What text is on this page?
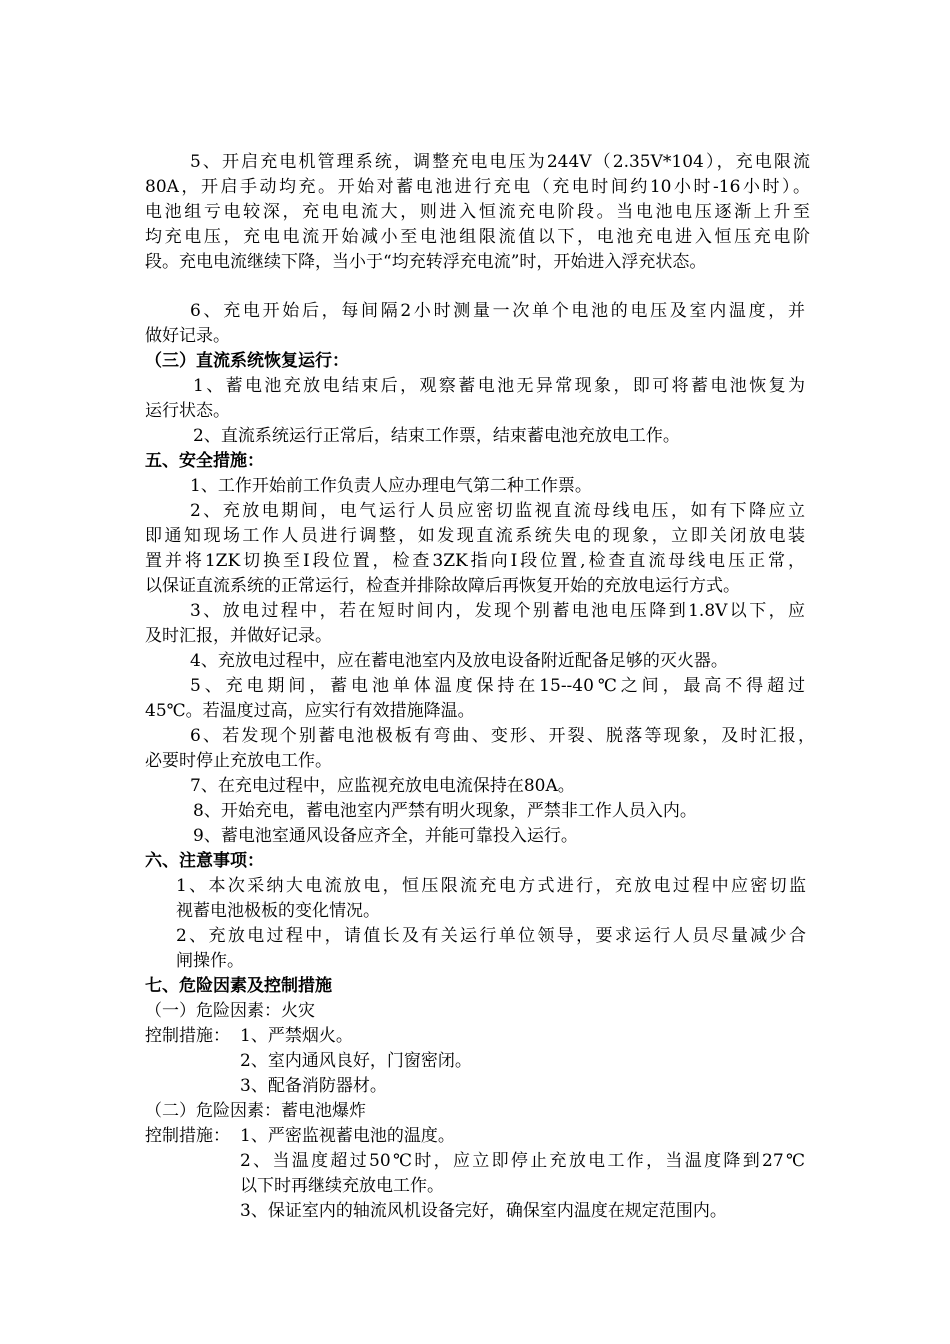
5、开启充电机管理系统，调整充电电压为244V（2.35V*104），充电限流
80A，开启手动均充。开始对蓄电池进行充电（充电时间约10小时-16小时）。
电池组亏电较深，充电电流大，则进入恒流充电阶段。当电池电压逐渐上升至
均充电压，充电电流开始减小至电池组限流值以下，电池充电进入恒压充电阶
段。充电电流继续下降，当小于“均充转浮充电流”时，开始进入浮充状态。
6、充电开始后，每间隔2小时测量一次单个电池的电压及室内温度，并
做好记录。
（三）直流系统恢复运行：
1、蓄电池充放电结束后，观察蓄电池无异常现象，即可将蓄电池恢复为
运行状态。
2、直流系统运行正常后，结束工作票，结束蓄电池充放电工作。
五、安全措施：
1、工作开始前工作负责人应办理电气第二种工作票。
2、充放电期间，电气运行人员应密切监视直流母线电压，如有下降应立
即通知现场工作人员进行调整，如发现直流系统失电的现象，立即关闭放电装
置并将1ZK切换至Ⅰ段位置，检查3ZK指向Ⅰ段位置,检查直流母线电压正常，
以保证直流系统的正常运行，检查并排除故障后再恢复开始的充放电运行方式。
3、放电过程中，若在短时间内，发现个别蓄电池电压降到1.8V以下，应
及时汇报，并做好记录。
4、充放电过程中，应在蓄电池室内及放电设备附近配备足够的灭火器。
5、充电期间，蓄电池单体温度保持在15--40℃之间，最高不得超过
45℃。若温度过高，应实行有效措施降温。
6、若发现个别蓄电池极板有弯曲、变形、开裂、脱落等现象，及时汇报，
必要时停止充放电工作。
7、在充电过程中，应监视充放电电流保持在80A。
8、开始充电，蓄电池室内严禁有明火现象，严禁非工作人员入内。
9、蓄电池室通风设备应齐全，并能可靠投入运行。
六、注意事项：
1、本次采纳大电流放电，恒压限流充电方式进行，充放电过程中应密切监
视蓄电池极板的变化情况。
2、充放电过程中，请值长及有关运行单位领导，要求运行人员尽量减少合
闸操作。
七、危险因素及控制措施
（一）危险因素：火灾
控制措施： 1、严禁烟火。
2、室内通风良好，门窗密闭。
3、配备消防器材。
（二）危险因素：蓄电池爆炸
控制措施： 1、严密监视蓄电池的温度。
2、当温度超过50℃时，应立即停止充放电工作，当温度降到27℃
以下时再继续充放电工作。
3、保证室内的轴流风机设备完好，确保室内温度在规定范围内。
